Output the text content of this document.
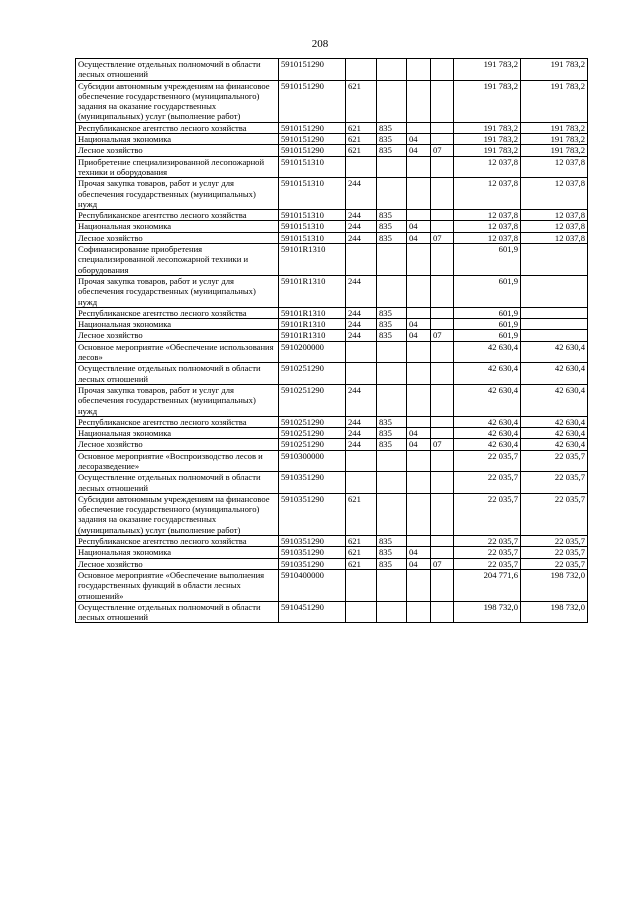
208
Осуществление отдельных полномочий в области лесных отношений	5910151290					191 783,2	191 783,2
Субсидии автономным учреждениям на финансовое обеспечение государственного (муниципального) задания на оказание государственных (муниципальных) услуг (выполнение работ)	5910151290	621				191 783,2	191 783,2
Республиканское агентство лесного хозяйства	5910151290	621	835			191 783,2	191 783,2
Национальная экономика	5910151290	621	835	04		191 783,2	191 783,2
Лесное хозяйство	5910151290	621	835	04	07	191 783,2	191 783,2
Приобретение специализированной лесопожарной техники и оборудования	5910151310					12 037,8	12 037,8
Прочая закупка товаров, работ и услуг для обеспечения государственных (муниципальных) нужд	5910151310	244				12 037,8	12 037,8
Республиканское агентство лесного хозяйства	5910151310	244	835			12 037,8	12 037,8
Национальная экономика	5910151310	244	835	04		12 037,8	12 037,8
Лесное хозяйство	5910151310	244	835	04	07	12 037,8	12 037,8
Софинансирование приобретения специализированной лесопожарной техники и оборудования	59101R1310					601,9	
Прочая закупка товаров, работ и услуг для обеспечения государственных (муниципальных) нужд	59101R1310	244				601,9	
Республиканское агентство лесного хозяйства	59101R1310	244	835			601,9	
Национальная экономика	59101R1310	244	835	04		601,9	
Лесное хозяйство	59101R1310	244	835	04	07	601,9	
Основное мероприятие «Обеспечение использования лесов»	5910200000					42 630,4	42 630,4
Осуществление отдельных полномочий в области лесных отношений	5910251290					42 630,4	42 630,4
Прочая закупка товаров, работ и услуг для обеспечения государственных (муниципальных) нужд	5910251290	244				42 630,4	42 630,4
Республиканское агентство лесного хозяйства	5910251290	244	835			42 630,4	42 630,4
Национальная экономика	5910251290	244	835	04		42 630,4	42 630,4
Лесное хозяйство	5910251290	244	835	04	07	42 630,4	42 630,4
Основное мероприятие «Воспроизводство лесов и лесоразведение»	5910300000					22 035,7	22 035,7
Осуществление отдельных полномочий в области лесных отношений	5910351290					22 035,7	22 035,7
Субсидии автономным учреждениям на финансовое обеспечение государственного (муниципального) задания на оказание государственных (муниципальных) услуг (выполнение работ)	5910351290	621				22 035,7	22 035,7
Республиканское агентство лесного хозяйства	5910351290	621	835			22 035,7	22 035,7
Национальная экономика	5910351290	621	835	04		22 035,7	22 035,7
Лесное хозяйство	5910351290	621	835	04	07	22 035,7	22 035,7
Основное мероприятие «Обеспечение выполнения государственных функций в области лесных отношений»	5910400000					204 771,6	198 732,0
Осуществление отдельных полномочий в области лесных отношений	5910451290					198 732,0	198 732,0
